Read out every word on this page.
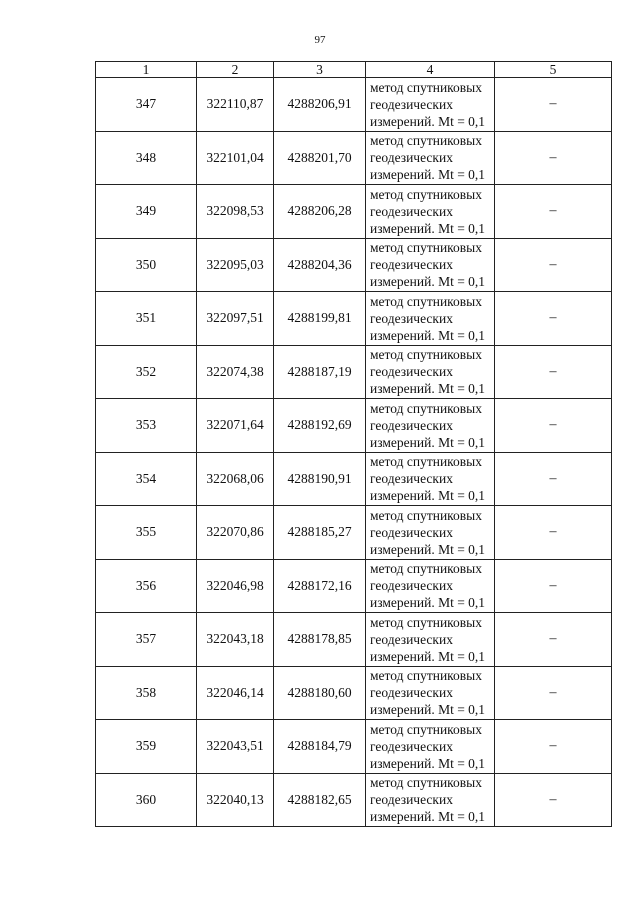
97
1	2	3	4	5
347	322110,87	4288206,91	метод спутниковых
геодезических
измерений. Mt = 0,1	–
348	322101,04	4288201,70	метод спутниковых
геодезических
измерений. Mt = 0,1	–
349	322098,53	4288206,28	метод спутниковых
геодезических
измерений. Mt = 0,1	–
350	322095,03	4288204,36	метод спутниковых
геодезических
измерений. Mt = 0,1	–
351	322097,51	4288199,81	метод спутниковых
геодезических
измерений. Mt = 0,1	–
352	322074,38	4288187,19	метод спутниковых
геодезических
измерений. Mt = 0,1	–
353	322071,64	4288192,69	метод спутниковых
геодезических
измерений. Mt = 0,1	–
354	322068,06	4288190,91	метод спутниковых
геодезических
измерений. Mt = 0,1	–
355	322070,86	4288185,27	метод спутниковых
геодезических
измерений. Mt = 0,1	–
356	322046,98	4288172,16	метод спутниковых
геодезических
измерений. Mt = 0,1	–
357	322043,18	4288178,85	метод спутниковых
геодезических
измерений. Mt = 0,1	–
358	322046,14	4288180,60	метод спутниковых
геодезических
измерений. Mt = 0,1	–
359	322043,51	4288184,79	метод спутниковых
геодезических
измерений. Mt = 0,1	–
360	322040,13	4288182,65	метод спутниковых
геодезических
измерений. Mt = 0,1	–
